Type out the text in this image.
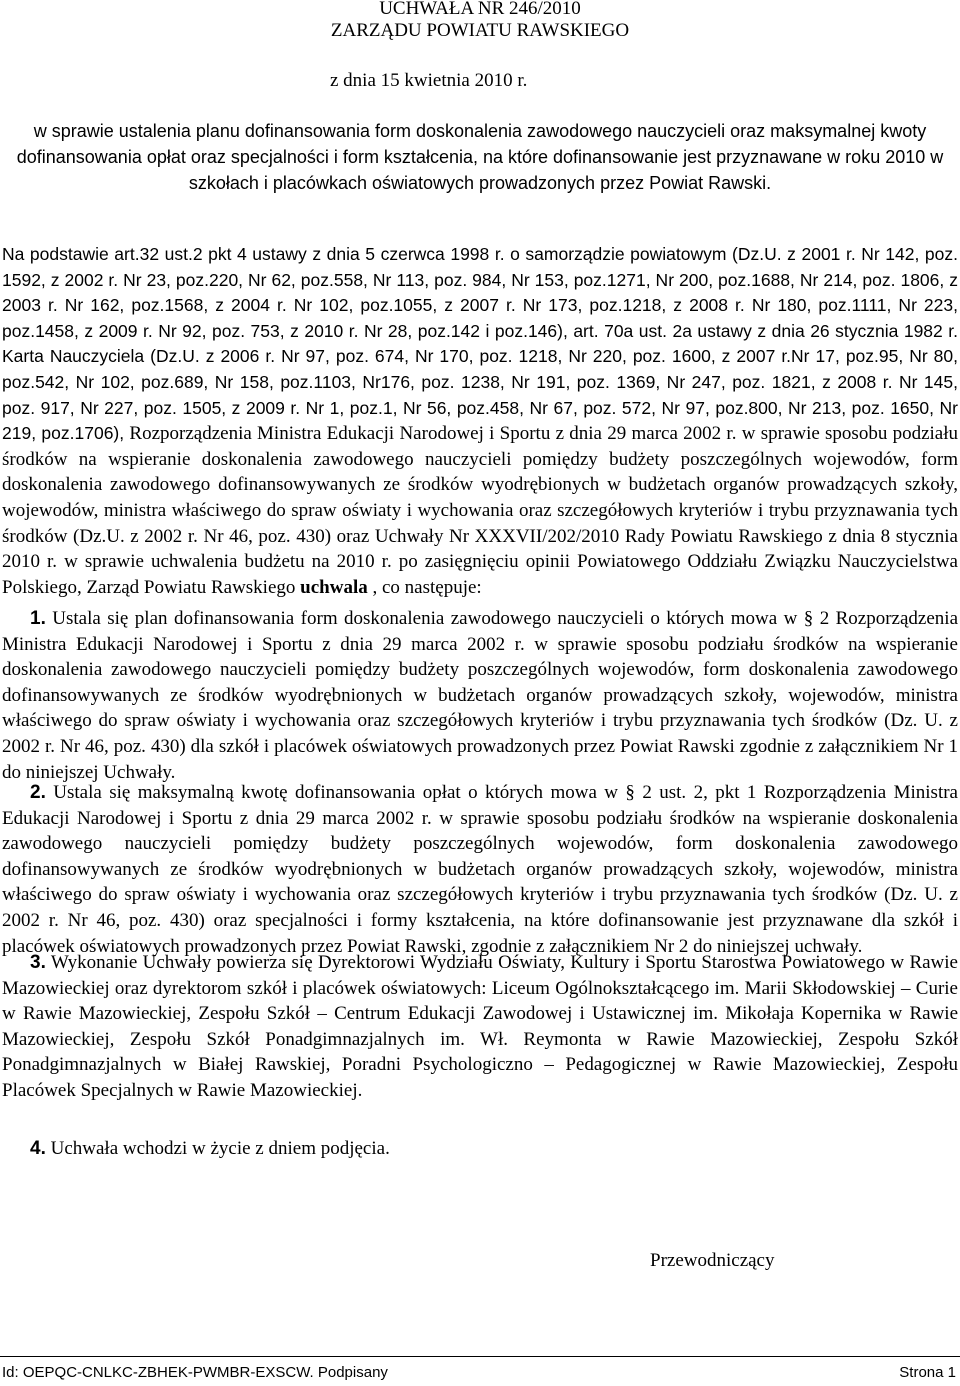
UCHWAŁA NR 246/2010
ZARZĄDU POWIATU RAWSKIEGO
z dnia 15 kwietnia 2010 r.
w sprawie ustalenia planu dofinansowania form doskonalenia zawodowego nauczycieli oraz maksymalnej kwoty dofinansowania opłat oraz specjalności i form kształcenia, na które dofinansowanie jest przyznawane w roku 2010 w szkołach i placówkach oświatowych prowadzonych przez Powiat Rawski.
Na podstawie art.32 ust.2 pkt 4 ustawy z dnia 5 czerwca 1998 r. o samorządzie powiatowym (Dz.U. z 2001 r. Nr 142, poz. 1592, z 2002 r. Nr 23, poz.220, Nr 62, poz.558, Nr 113, poz. 984, Nr 153, poz.1271, Nr 200, poz.1688, Nr 214, poz. 1806, z 2003 r. Nr 162, poz.1568, z 2004 r. Nr 102, poz.1055, z 2007 r. Nr 173, poz.1218, z 2008 r. Nr 180, poz.1111, Nr 223, poz.1458, z 2009 r. Nr 92, poz. 753, z 2010 r. Nr 28, poz.142 i poz.146), art. 70a ust. 2a ustawy z dnia 26 stycznia 1982 r. Karta Nauczyciela (Dz.U. z 2006 r. Nr 97, poz. 674, Nr 170, poz. 1218, Nr 220, poz. 1600, z 2007 r.Nr 17, poz.95, Nr 80, poz.542, Nr 102, poz.689, Nr 158, poz.1103, Nr176, poz. 1238, Nr 191, poz. 1369, Nr 247, poz. 1821, z 2008 r. Nr 145, poz. 917, Nr 227, poz. 1505, z 2009 r. Nr 1, poz.1, Nr 56, poz.458, Nr 67, poz. 572, Nr 97, poz.800, Nr 213, poz. 1650, Nr 219, poz.1706), Rozporządzenia Ministra Edukacji Narodowej i Sportu z dnia 29 marca 2002 r. w sprawie sposobu podziału środków na wspieranie doskonalenia zawodowego nauczycieli pomiędzy budżety poszczególnych wojewodów, form doskonalenia zawodowego dofinansowywanych ze środków wyodrębionych w budżetach organów prowadzących szkoły, wojewodów, ministra właściwego do spraw oświaty i wychowania oraz szczegółowych kryteriów i trybu przyznawania tych środków (Dz.U. z 2002 r. Nr 46, poz. 430) oraz Uchwały Nr XXXVII/202/2010 Rady Powiatu Rawskiego z dnia 8 stycznia 2010 r. w sprawie uchwalenia budżetu na 2010 r. po zasięgnięciu opinii Powiatowego Oddziału Związku Nauczycielstwa Polskiego, Zarząd Powiatu Rawskiego uchwala , co następuje:
1. Ustala się plan dofinansowania form doskonalenia zawodowego nauczycieli o których mowa w § 2 Rozporządzenia Ministra Edukacji Narodowej i Sportu z dnia 29 marca 2002 r. w sprawie sposobu podziału środków na wspieranie doskonalenia zawodowego nauczycieli pomiędzy budżety poszczególnych wojewodów, form doskonalenia zawodowego dofinansowywanych ze środków wyodrębnionych w budżetach organów prowadzących szkoły, wojewodów, ministra właściwego do spraw oświaty i wychowania oraz szczegółowych kryteriów i trybu przyznawania tych środków (Dz. U. z 2002 r. Nr 46, poz. 430) dla szkół i placówek oświatowych prowadzonych przez Powiat Rawski zgodnie z załącznikiem Nr 1 do niniejszej Uchwały.
2. Ustala się maksymalną kwotę dofinansowania opłat o których mowa w § 2 ust. 2, pkt 1 Rozporządzenia Ministra Edukacji Narodowej i Sportu z dnia 29 marca 2002 r. w sprawie sposobu podziału środków na wspieranie doskonalenia zawodowego nauczycieli pomiędzy budżety poszczególnych wojewodów, form doskonalenia zawodowego dofinansowywanych ze środków wyodrębnionych w budżetach organów prowadzących szkoły, wojewodów, ministra właściwego do spraw oświaty i wychowania oraz szczegółowych kryteriów i trybu przyznawania tych środków (Dz. U. z 2002 r. Nr 46, poz. 430) oraz specjalności i formy kształcenia, na które dofinansowanie jest przyznawane dla szkół i placówek oświatowych prowadzonych przez Powiat Rawski, zgodnie z załącznikiem Nr 2 do niniejszej uchwały.
3. Wykonanie Uchwały powierza się Dyrektorowi Wydziału Oświaty, Kultury i Sportu Starostwa Powiatowego w Rawie Mazowieckiej oraz dyrektorom szkół i placówek oświatowych: Liceum Ogólnokształcącego im. Marii Skłodowskiej – Curie w Rawie Mazowieckiej, Zespołu Szkół – Centrum Edukacji Zawodowej i Ustawicznej im. Mikołaja Kopernika w Rawie Mazowieckiej, Zespołu Szkół Ponadgimnazjalnych im. Wł. Reymonta w Rawie Mazowieckiej, Zespołu Szkół Ponadgimnazjalnych w Białej Rawskiej, Poradni Psychologiczno – Pedagogicznej w Rawie Mazowieckiej, Zespołu Placówek Specjalnych w Rawie Mazowieckiej.
4. Uchwała wchodzi w życie z dniem podjęcia.
Przewodniczący
Id: OEPQC-CNLKC-ZBHEK-PWMBR-EXSCW. Podpisany	Strona 1
